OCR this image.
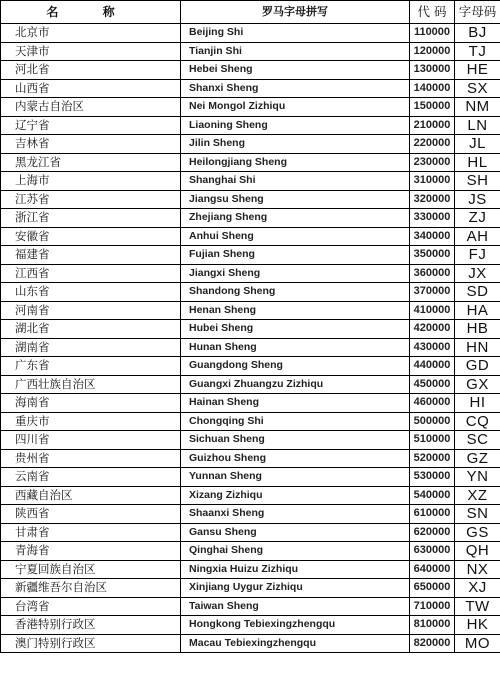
名 称	罗马字母拼写	代 码	字母码
北京市	Beijing Shi	110000	BJ
天津市	Tianjin Shi	120000	TJ
河北省	Hebei Sheng	130000	HE
山西省	Shanxi Sheng	140000	SX
内蒙古自治区	Nei Mongol Zizhiqu	150000	NM
辽宁省	Liaoning Sheng	210000	LN
吉林省	Jilin Sheng	220000	JL
黑龙江省	Heilongjiang Sheng	230000	HL
上海市	Shanghai Shi	310000	SH
江苏省	Jiangsu Sheng	320000	JS
浙江省	Zhejiang Sheng	330000	ZJ
安徽省	Anhui Sheng	340000	AH
福建省	Fujian Sheng	350000	FJ
江西省	Jiangxi Sheng	360000	JX
山东省	Shandong Sheng	370000	SD
河南省	Henan Sheng	410000	HA
湖北省	Hubei Sheng	420000	HB
湖南省	Hunan Sheng	430000	HN
广东省	Guangdong Sheng	440000	GD
广西壮族自治区	Guangxi Zhuangzu Zizhiqu	450000	GX
海南省	Hainan Sheng	460000	HI
重庆市	Chongqing Shi	500000	CQ
四川省	Sichuan Sheng	510000	SC
贵州省	Guizhou Sheng	520000	GZ
云南省	Yunnan Sheng	530000	YN
西藏自治区	Xizang Zizhiqu	540000	XZ
陕西省	Shaanxi Sheng	610000	SN
甘肃省	Gansu Sheng	620000	GS
青海省	Qinghai Sheng	630000	QH
宁夏回族自治区	Ningxia Huizu Zizhiqu	640000	NX
新疆维吾尔自治区	Xinjiang Uygur Zizhiqu	650000	XJ
台湾省	Taiwan Sheng	710000	TW
香港特别行政区	Hongkong Tebiexingzhengqu	810000	HK
澳门特别行政区	Macau Tebiexingzhengqu	820000	MO
